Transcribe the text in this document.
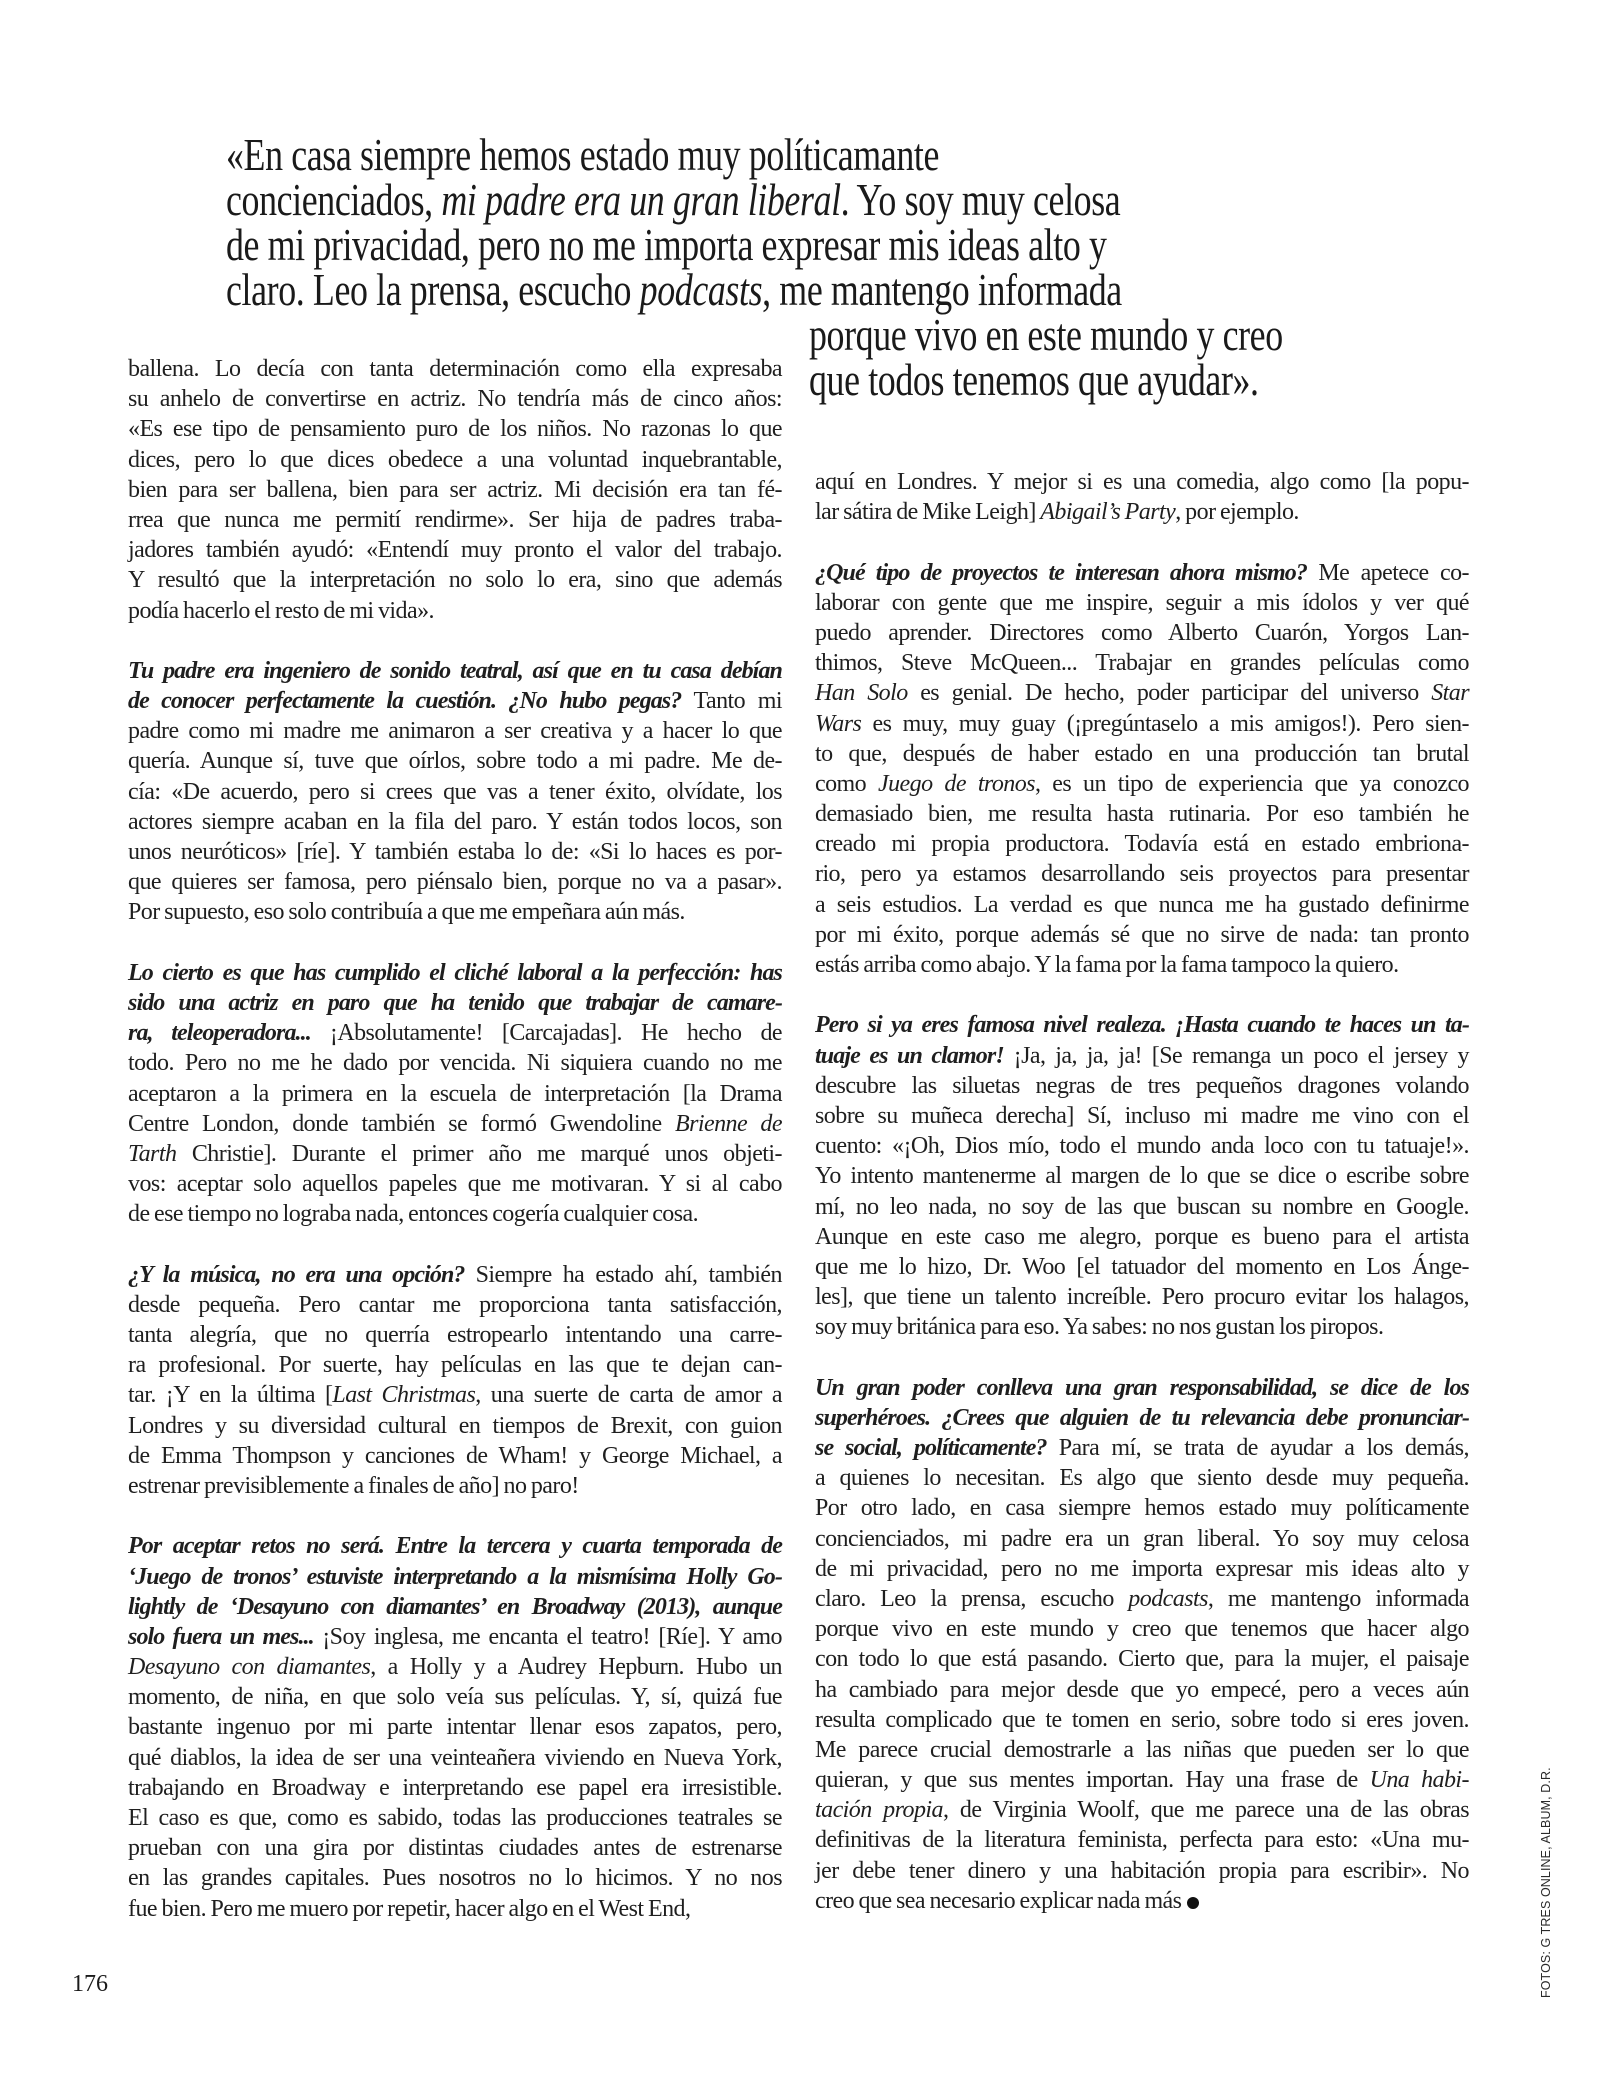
«En casa siempre hemos estado muy políticamante
concienciados, mi padre era un gran liberal. Yo soy muy celosa
de mi privacidad, pero no me importa expresar mis ideas alto y
claro. Leo la prensa, escucho podcasts, me mantengo informada
porque vivo en este mundo y creo
que todos tenemos que ayudar».
ballena. Lo decía con tanta determinación como ella expresaba
su anhelo de convertirse en actriz. No tendría más de cinco años:
«Es ese tipo de pensamiento puro de los niños. No razonas lo que
dices, pero lo que dices obedece a una voluntad inquebrantable,
bien para ser ballena, bien para ser actriz. Mi decisión era tan fé-
rrea que nunca me permití rendirme». Ser hija de padres traba-
jadores también ayudó: «Entendí muy pronto el valor del trabajo.
Y resultó que la interpretación no solo lo era, sino que además
podía hacerlo el resto de mi vida».
Tu padre era ingeniero de sonido teatral, así que en tu casa debían
de conocer perfectamente la cuestión. ¿No hubo pegas? Tanto mi
padre como mi madre me animaron a ser creativa y a hacer lo que
quería. Aunque sí, tuve que oírlos, sobre todo a mi padre. Me de-
cía: «De acuerdo, pero si crees que vas a tener éxito, olvídate, los
actores siempre acaban en la fila del paro. Y están todos locos, son
unos neuróticos» [ríe]. Y también estaba lo de: «Si lo haces es por-
que quieres ser famosa, pero piénsalo bien, porque no va a pasar».
Por supuesto, eso solo contribuía a que me empeñara aún más.
Lo cierto es que has cumplido el cliché laboral a la perfección: has
sido una actriz en paro que ha tenido que trabajar de camare-
ra, teleoperadora... ¡Absolutamente! [Carcajadas]. He hecho de
todo. Pero no me he dado por vencida. Ni siquiera cuando no me
aceptaron a la primera en la escuela de interpretación [la Drama
Centre London, donde también se formó Gwendoline Brienne de
Tarth Christie]. Durante el primer año me marqué unos objeti-
vos: aceptar solo aquellos papeles que me motivaran. Y si al cabo
de ese tiempo no lograba nada, entonces cogería cualquier cosa.
¿Y la música, no era una opción? Siempre ha estado ahí, también
desde pequeña. Pero cantar me proporciona tanta satisfacción,
tanta alegría, que no querría estropearlo intentando una carre-
ra profesional. Por suerte, hay películas en las que te dejan can-
tar. ¡Y en la última [Last Christmas, una suerte de carta de amor a
Londres y su diversidad cultural en tiempos de Brexit, con guion
de Emma Thompson y canciones de Wham! y George Michael, a
estrenar previsiblemente a finales de año] no paro!
Por aceptar retos no será. Entre la tercera y cuarta temporada de
‘Juego de tronos’ estuviste interpretando a la mismísima Holly Go-
lightly de ‘Desayuno con diamantes’ en Broadway (2013), aunque
solo fuera un mes... ¡Soy inglesa, me encanta el teatro! [Ríe]. Y amo
Desayuno con diamantes, a Holly y a Audrey Hepburn. Hubo un
momento, de niña, en que solo veía sus películas. Y, sí, quizá fue
bastante ingenuo por mi parte intentar llenar esos zapatos, pero,
qué diablos, la idea de ser una veinteañera viviendo en Nueva York,
trabajando en Broadway e interpretando ese papel era irresistible.
El caso es que, como es sabido, todas las producciones teatrales se
prueban con una gira por distintas ciudades antes de estrenarse
en las grandes capitales. Pues nosotros no lo hicimos. Y no nos
fue bien. Pero me muero por repetir, hacer algo en el West End,
aquí en Londres. Y mejor si es una comedia, algo como [la popu-
lar sátira de Mike Leigh] Abigail’s Party, por ejemplo.
¿Qué tipo de proyectos te interesan ahora mismo? Me apetece co-
laborar con gente que me inspire, seguir a mis ídolos y ver qué
puedo aprender. Directores como Alberto Cuarón, Yorgos Lan-
thimos, Steve McQueen... Trabajar en grandes películas como
Han Solo es genial. De hecho, poder participar del universo Star
Wars es muy, muy guay (¡pregúntaselo a mis amigos!). Pero sien-
to que, después de haber estado en una producción tan brutal
como Juego de tronos, es un tipo de experiencia que ya conozco
demasiado bien, me resulta hasta rutinaria. Por eso también he
creado mi propia productora. Todavía está en estado embriona-
rio, pero ya estamos desarrollando seis proyectos para presentar
a seis estudios. La verdad es que nunca me ha gustado definirme
por mi éxito, porque además sé que no sirve de nada: tan pronto
estás arriba como abajo. Y la fama por la fama tampoco la quiero.
Pero si ya eres famosa nivel realeza. ¡Hasta cuando te haces un ta-
tuaje es un clamor! ¡Ja, ja, ja, ja! [Se remanga un poco el jersey y
descubre las siluetas negras de tres pequeños dragones volando
sobre su muñeca derecha] Sí, incluso mi madre me vino con el
cuento: «¡Oh, Dios mío, todo el mundo anda loco con tu tatuaje!».
Yo intento mantenerme al margen de lo que se dice o escribe sobre
mí, no leo nada, no soy de las que buscan su nombre en Google.
Aunque en este caso me alegro, porque es bueno para el artista
que me lo hizo, Dr. Woo [el tatuador del momento en Los Ánge-
les], que tiene un talento increíble. Pero procuro evitar los halagos,
soy muy británica para eso. Ya sabes: no nos gustan los piropos.
Un gran poder conlleva una gran responsabilidad, se dice de los
superhéroes. ¿Crees que alguien de tu relevancia debe pronunciar-
se social, políticamente? Para mí, se trata de ayudar a los demás,
a quienes lo necesitan. Es algo que siento desde muy pequeña.
Por otro lado, en casa siempre hemos estado muy políticamente
concienciados, mi padre era un gran liberal. Yo soy muy celosa
de mi privacidad, pero no me importa expresar mis ideas alto y
claro. Leo la prensa, escucho podcasts, me mantengo informada
porque vivo en este mundo y creo que tenemos que hacer algo
con todo lo que está pasando. Cierto que, para la mujer, el paisaje
ha cambiado para mejor desde que yo empecé, pero a veces aún
resulta complicado que te tomen en serio, sobre todo si eres joven.
Me parece crucial demostrarle a las niñas que pueden ser lo que
quieran, y que sus mentes importan. Hay una frase de Una habi-
tación propia, de Virginia Woolf, que me parece una de las obras
definitivas de la literatura feminista, perfecta para esto: «Una mu-
jer debe tener dinero y una habitación propia para escribir». No
creo que sea necesario explicar nada más
176	FOTOS: G TRES ONLINE, ALBUM, D.R.
